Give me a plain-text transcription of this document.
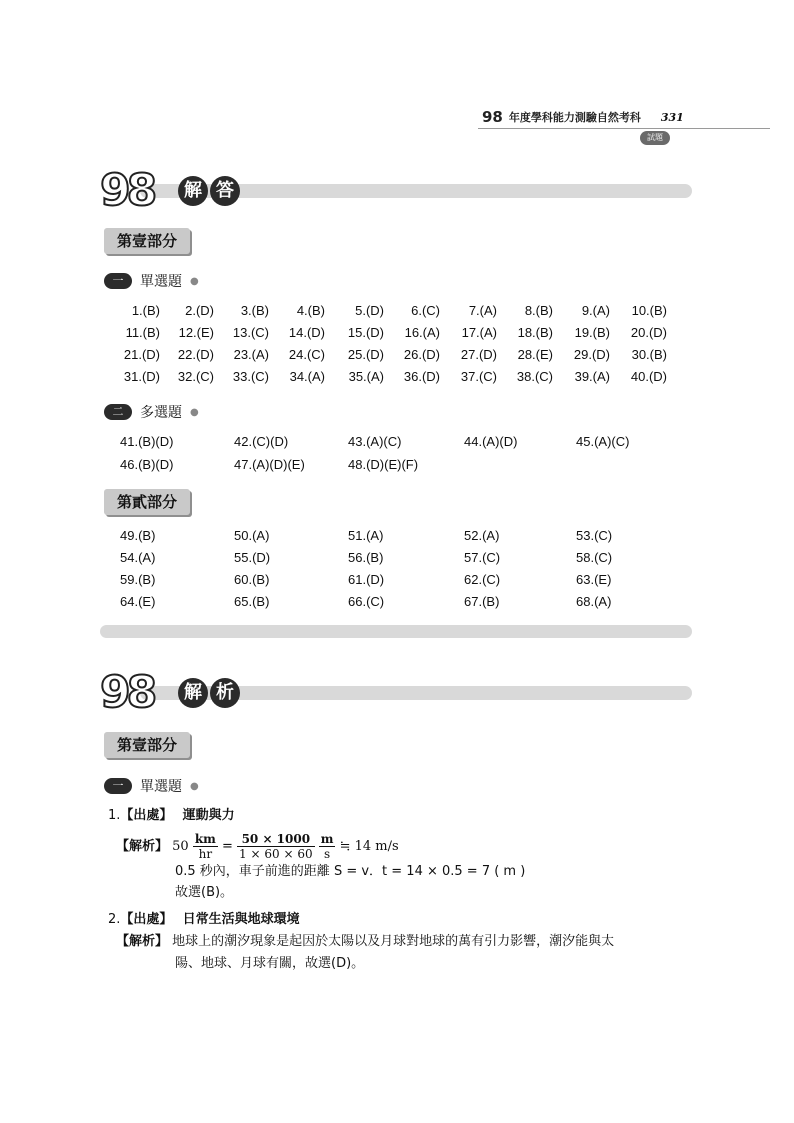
98 年度學科能力測驗自然考科 331
試題
98	解 答
第壹部分
一	單選題 ●
1.(B)	2.(D)	3.(B)	4.(B)	5.(D)	6.(C)	7.(A)	8.(B)	9.(A)	10.(B)
11.(B)	12.(E)	13.(C)	14.(D)	15.(D)	16.(A)	17.(A)	18.(B)	19.(B)	20.(D)
21.(D)	22.(D)	23.(A)	24.(C)	25.(D)	26.(D)	27.(D)	28.(E)	29.(D)	30.(B)
31.(D)	32.(C)	33.(C)	34.(A)	35.(A)	36.(D)	37.(C)	38.(C)	39.(A)	40.(D)
二	多選題 ●
41.(B)(D)	42.(C)(D)	43.(A)(C)	44.(A)(D)	45.(A)(C)
46.(B)(D)	47.(A)(D)(E)	48.(D)(E)(F)
第貳部分
49.(B)	50.(A)	51.(A)	52.(A)	53.(C)
54.(A)	55.(D)	56.(B)	57.(C)	58.(C)
59.(B)	60.(B)	61.(D)	62.(C)	63.(E)
64.(E)	65.(B)	66.(C)	67.(B)	68.(A)
98	解 析
第壹部分
一	單選題 ●
1.【出處】 運動與力
【解析】 $50 \frac{km}{hr} = \frac{50 \times 1000}{1 \times 60 \times 60}$
$\frac{m}{s}$ ≒ 14 m/s
0.5 秒內，車子前進的距離 S = v．t = 14 × 0.5 = 7 ( m )
故選(B)。
2.【出處】 日常生活與地球環境
【解析】 地球上的潮汐現象是起因於太陽以及月球對地球的萬有引力影響，潮汐能與太
陽、地球、月球有關，故選(D)。
